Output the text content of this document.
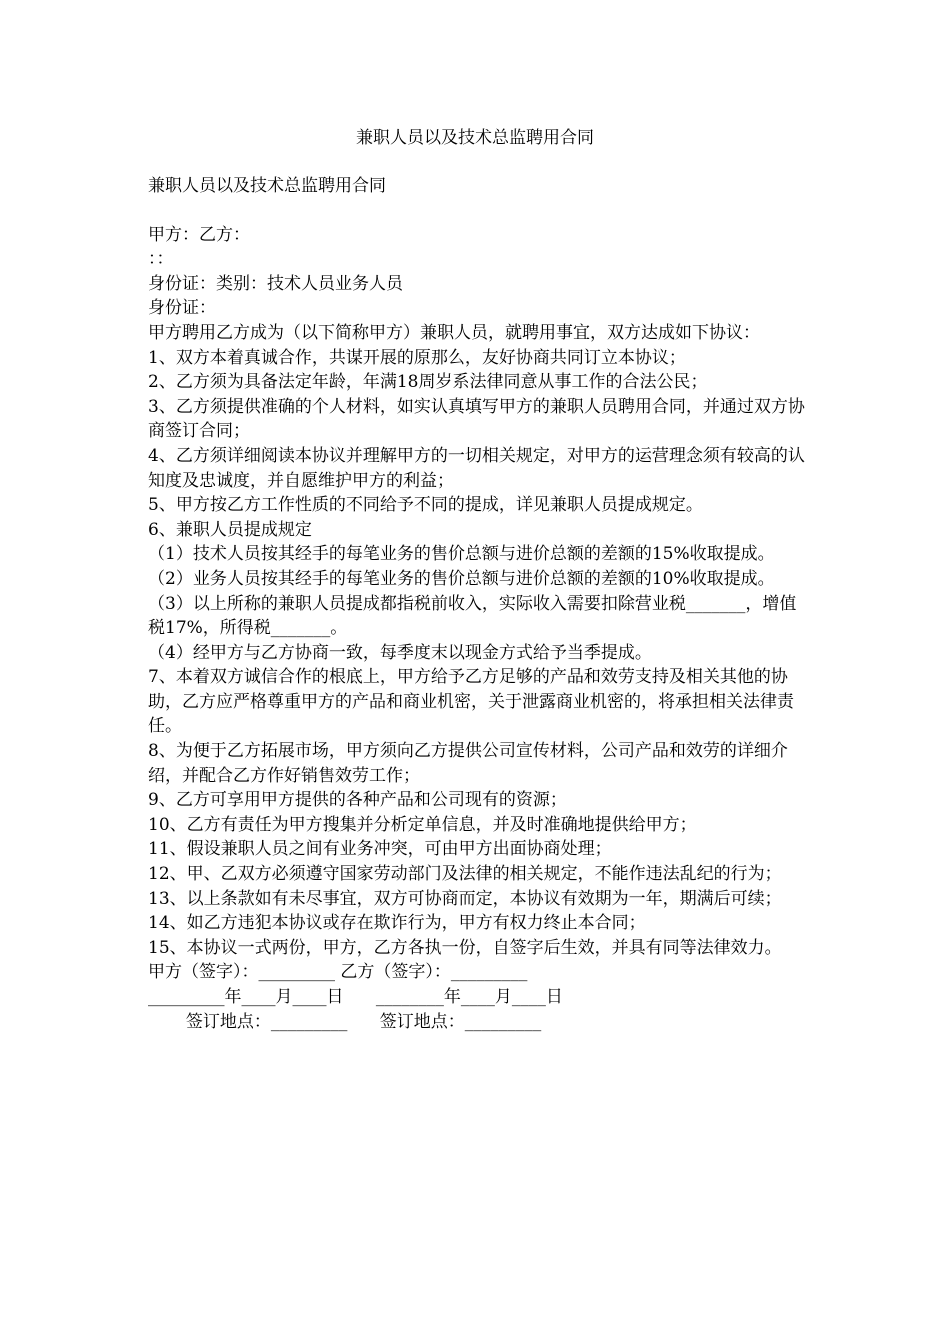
兼职人员以及技术总监聘用合同

兼职人员以及技术总监聘用合同

甲方：乙方：

：：

身份证：类别：技术人员业务人员

身份证：

甲方聘用乙方成为（以下简称甲方）兼职人员，就聘用事宜，双方达成如下协议：

1、双方本着真诚合作，共谋开展的原那么，友好协商共同订立本协议；

2、乙方须为具备法定年龄，年满18周岁系法律同意从事工作的合法公民；

3、乙方须提供准确的个人材料，如实认真填写甲方的兼职人员聘用合同，并通过双方协商签订合同；

4、乙方须详细阅读本协议并理解甲方的一切相关规定，对甲方的运营理念须有较高的认知度及忠诚度，并自愿维护甲方的利益；

5、甲方按乙方工作性质的不同给予不同的提成，详见兼职人员提成规定。

6、兼职人员提成规定

（1）技术人员按其经手的每笔业务的售价总额与进价总额的差额的15%收取提成。

（2）业务人员按其经手的每笔业务的售价总额与进价总额的差额的10%收取提成。

（3）以上所称的兼职人员提成都指税前收入，实际收入需要扣除营业税_______，增值税17%，所得税_______。

（4）经甲方与乙方协商一致，每季度末以现金方式给予当季提成。

7、本着双方诚信合作的根底上，甲方给予乙方足够的产品和效劳支持及相关其他的协助，乙方应严格尊重甲方的产品和商业机密，关于泄露商业机密的，将承担相关法律责任。

8、为便于乙方拓展市场，甲方须向乙方提供公司宣传材料，公司产品和效劳的详细介绍，并配合乙方作好销售效劳工作；

9、乙方可享用甲方提供的各种产品和公司现有的资源；

10、乙方有责任为甲方搜集并分析定单信息，并及时准确地提供给甲方；

11、假设兼职人员之间有业务冲突，可由甲方出面协商处理；

12、甲、乙双方必须遵守国家劳动部门及法律的相关规定，不能作违法乱纪的行为；

13、以上条款如有未尽事宜，双方可协商而定，本协议有效期为一年，期满后可续；

14、如乙方违犯本协议或存在欺诈行为，甲方有权力终止本合同；

15、本协议一式两份，甲方，乙方各执一份，自签字后生效，并具有同等法律效力。

甲方（签字）：_________ 乙方（签字）：_________

_________年____月____日      ________年____月____日

签订地点：_________      签订地点：_________
